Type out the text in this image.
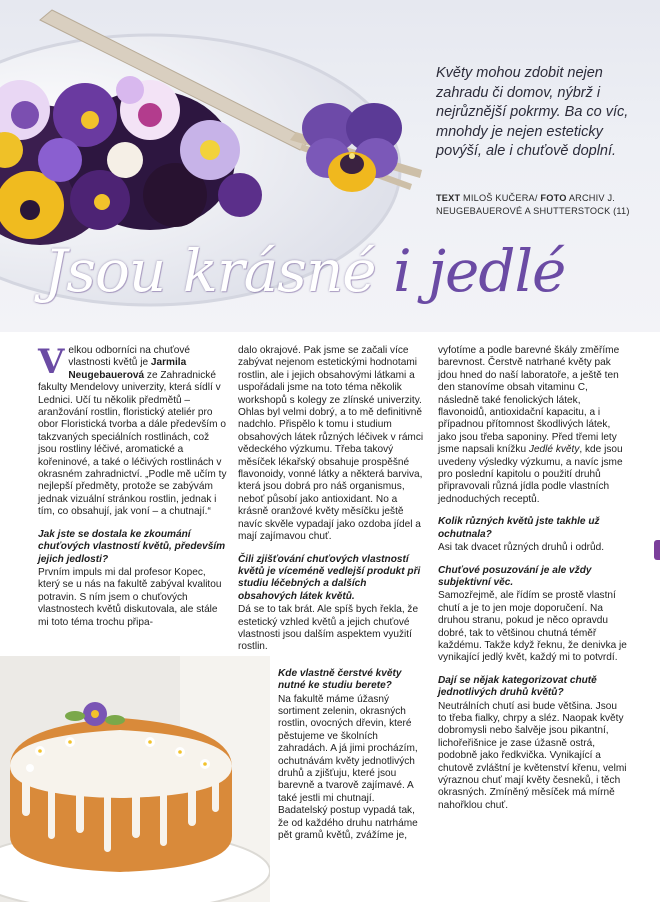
Květy mohou zdobit nejen zahradu či domov, nýbrž i nejrůznější pokrmy. Ba co víc, mnohdy je nejen esteticky povýší, ale i chuťově doplní.

TEXT MILOŠ KUČERA/ FOTO ARCHIV J. NEUGEBAUEROVÉ A SHUTTERSTOCK (11)
Jsou krásné i jedlé

Velkou odborníci na chuťové vlastnosti květů je Jarmila Neugebauerová ze Zahradnické fakulty Mendelovy univerzity, která sídlí v Lednici. Učí tu několik předmětů – aranžování rostlin, floristický ateliér pro obor Floristická tvorba a dále především o takzvaných speciálních rostlinách, což jsou rostliny léčivé, aromatické a kořeninové, a také o léčivých rostlinách v okrasném zahradnictví. „Podle mě učím ty nejlepší předměty, protože se zabývám jednak vizuální stránkou rostlin, jednak i tím, co obsahují, jak voní – a chutnají.“

Jak jste se dostala ke zkoumání chuťových vlastností květů, především jejich jedlosti?

Prvním impuls mi dal profesor Kopec, který se u nás na fakultě zabýval kvalitou potravin. S ním jsem o chuťových vlastnostech květů diskutovala, ale stále mi toto téma trochu připa-

dalo okrajové. Pak jsme se začali více zabývat nejenom estetickými hodnotami rostlin, ale i jejich obsahovými látkami a uspořádali jsme na toto téma několik workshopů s kolegy ze zlínské univerzity. Ohlas byl velmi dobrý, a to mě definitivně nadchlo. Přispělo k tomu i studium obsahových látek různých léčivek v rámci vědeckého výzkumu. Třeba takový měsíček lékařský obsahuje prospěšné flavonoidy, vonné látky a některá barviva, která jsou dobrá pro náš organismus, neboť působí jako antioxidant. No a krásně oranžové květy měsíčku ještě navíc skvěle vypadají jako ozdoba jídel a mají zajímavou chuť.

Čili zjišťování chuťových vlastností květů je víceméně vedlejší produkt při studiu léčebných a dalších obsahových látek květů.

Dá se to tak brát. Ale spíš bych řekla, že estetický vzhled květů a jejich chuťové vlastnosti jsou dalším aspektem využití rostlin.

Kde vlastně čerstvé květy nutné ke studiu berete?

Na fakultě máme úžasný sortiment zelenin, okrasných rostlin, ovocných dřevin, které pěstujeme ve školních zahradách. A já jimi procházím, ochutnávám květy jednotlivých druhů a zjišťuju, které jsou barevně a tvarově zajímavé. A také jestli mi chutnají. Badatelský postup vypadá tak, že od každého druhu natrháme pět gramů květů, zvážíme je,

vyfotíme a podle barevné škály změříme barevnost. Čerstvě natrhané květy pak jdou hned do naší laboratoře, a ještě ten den stanovíme obsah vitaminu C, následně také fenolických látek, flavonoidů, antioxidační kapacitu, a i případnou přítomnost škodlivých látek, jako jsou třeba saponiny. Před třemi lety jsme napsali knížku Jedlé květy, kde jsou uvedeny výsledky výzkumu, a navíc jsme pro poslední kapitolu o použití druhů připravovali různá jídla podle vlastních jednoduchých receptů.

Kolik různých květů jste takhle už ochutnala?

Asi tak dvacet různých druhů i odrůd.

Chuťové posuzování je ale vždy subjektivní věc.

Samozřejmě, ale řídím se prostě vlastní chutí a je to jen moje doporučení. Na druhou stranu, pokud je něco opravdu dobré, tak to většinou chutná téměř každému. Takže když řeknu, že denivka je vynikající jedlý květ, každý mi to potvrdí.

Dají se nějak kategorizovat chutě jednotlivých druhů květů?

Neutrálních chutí asi bude většina. Jsou to třeba fialky, chrpy a sléz. Naopak květy dobromysli nebo šalvěje jsou pikantní, lichořeřišnice je zase úžasně ostrá, podobně jako ředkvička. Vynikající a chutově zvláštní je květenství křenu, velmi výraznou chuť mají květy česneků, i těch okrasných. Zmíněný měsíček má mírně nahořklou chuť.
